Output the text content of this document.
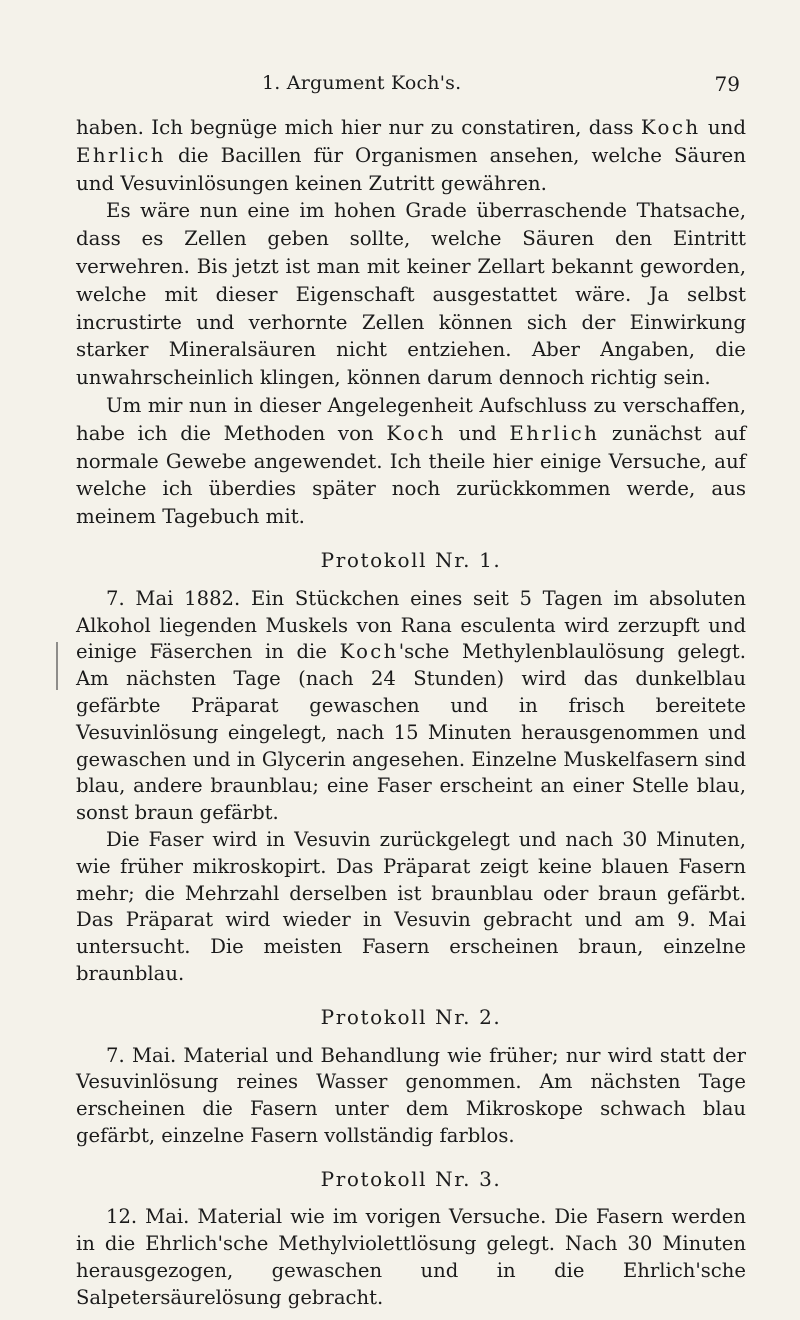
1. Argument Koch's.	79

haben. Ich begnüge mich hier nur zu constatiren, dass Koch und Ehrlich die Bacillen für Organismen ansehen, welche Säuren und Vesuvinlösungen keinen Zutritt gewähren.

Es wäre nun eine im hohen Grade überraschende Thatsache, dass es Zellen geben sollte, welche Säuren den Eintritt verwehren. Bis jetzt ist man mit keiner Zellart bekannt geworden, welche mit dieser Eigenschaft ausgestattet wäre. Ja selbst incrustirte und verhornte Zellen können sich der Einwirkung starker Mineralsäuren nicht entziehen. Aber Angaben, die unwahrscheinlich klingen, können darum dennoch richtig sein.

Um mir nun in dieser Angelegenheit Aufschluss zu verschaffen, habe ich die Methoden von Koch und Ehrlich zunächst auf normale Gewebe angewendet. Ich theile hier einige Versuche, auf welche ich überdies später noch zurückkommen werde, aus meinem Tagebuch mit.

Protokoll Nr. 1.

7. Mai 1882. Ein Stückchen eines seit 5 Tagen im absoluten Alkohol liegenden Muskels von Rana esculenta wird zerzupft und einige Fäserchen in die Koch'sche Methylenblaulösung gelegt. Am nächsten Tage (nach 24 Stunden) wird das dunkelblau gefärbte Präparat gewaschen und in frisch bereitete Vesuvinlösung eingelegt, nach 15 Minuten herausgenommen und gewaschen und in Glycerin angesehen. Einzelne Muskelfasern sind blau, andere braunblau; eine Faser erscheint an einer Stelle blau, sonst braun gefärbt.

Die Faser wird in Vesuvin zurückgelegt und nach 30 Minuten, wie früher mikroskopirt. Das Präparat zeigt keine blauen Fasern mehr; die Mehrzahl derselben ist braunblau oder braun gefärbt. Das Präparat wird wieder in Vesuvin gebracht und am 9. Mai untersucht. Die meisten Fasern erscheinen braun, einzelne braunblau.

Protokoll Nr. 2.

7. Mai. Material und Behandlung wie früher; nur wird statt der Vesuvinlösung reines Wasser genommen. Am nächsten Tage erscheinen die Fasern unter dem Mikroskope schwach blau gefärbt, einzelne Fasern vollständig farblos.

Protokoll Nr. 3.

12. Mai. Material wie im vorigen Versuche. Die Fasern werden in die Ehrlich'sche Methylviolettlösung gelegt. Nach 30 Minuten herausgezogen, gewaschen und in die Ehrlich'sche Salpetersäurelösung gebracht.
